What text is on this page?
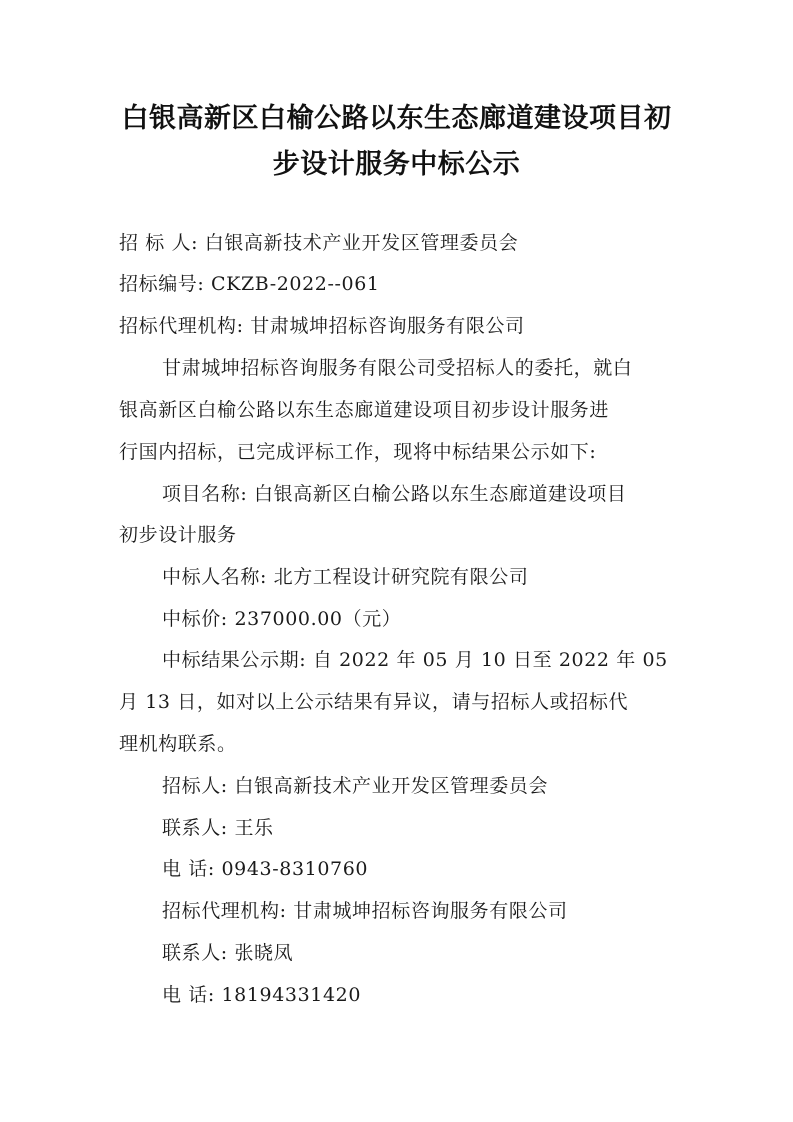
白银高新区白榆公路以东生态廊道建设项目初
步设计服务中标公示
招 标 人: 白银高新技术产业开发区管理委员会
招标编号: CKZB-2022--061
招标代理机构: 甘肃城坤招标咨询服务有限公司
甘肃城坤招标咨询服务有限公司受招标人的委托，就白
银高新区白榆公路以东生态廊道建设项目初步设计服务进
行国内招标，已完成评标工作，现将中标结果公示如下:
项目名称: 白银高新区白榆公路以东生态廊道建设项目
初步设计服务
中标人名称: 北方工程设计研究院有限公司
中标价: 237000.00（元）
中标结果公示期: 自 2022 年 05 月 10 日至 2022 年 05
月 13 日，如对以上公示结果有异议，请与招标人或招标代
理机构联系。
招标人: 白银高新技术产业开发区管理委员会
联系人: 王乐
电 话: 0943-8310760
招标代理机构: 甘肃城坤招标咨询服务有限公司
联系人: 张晓凤
电 话: 18194331420
